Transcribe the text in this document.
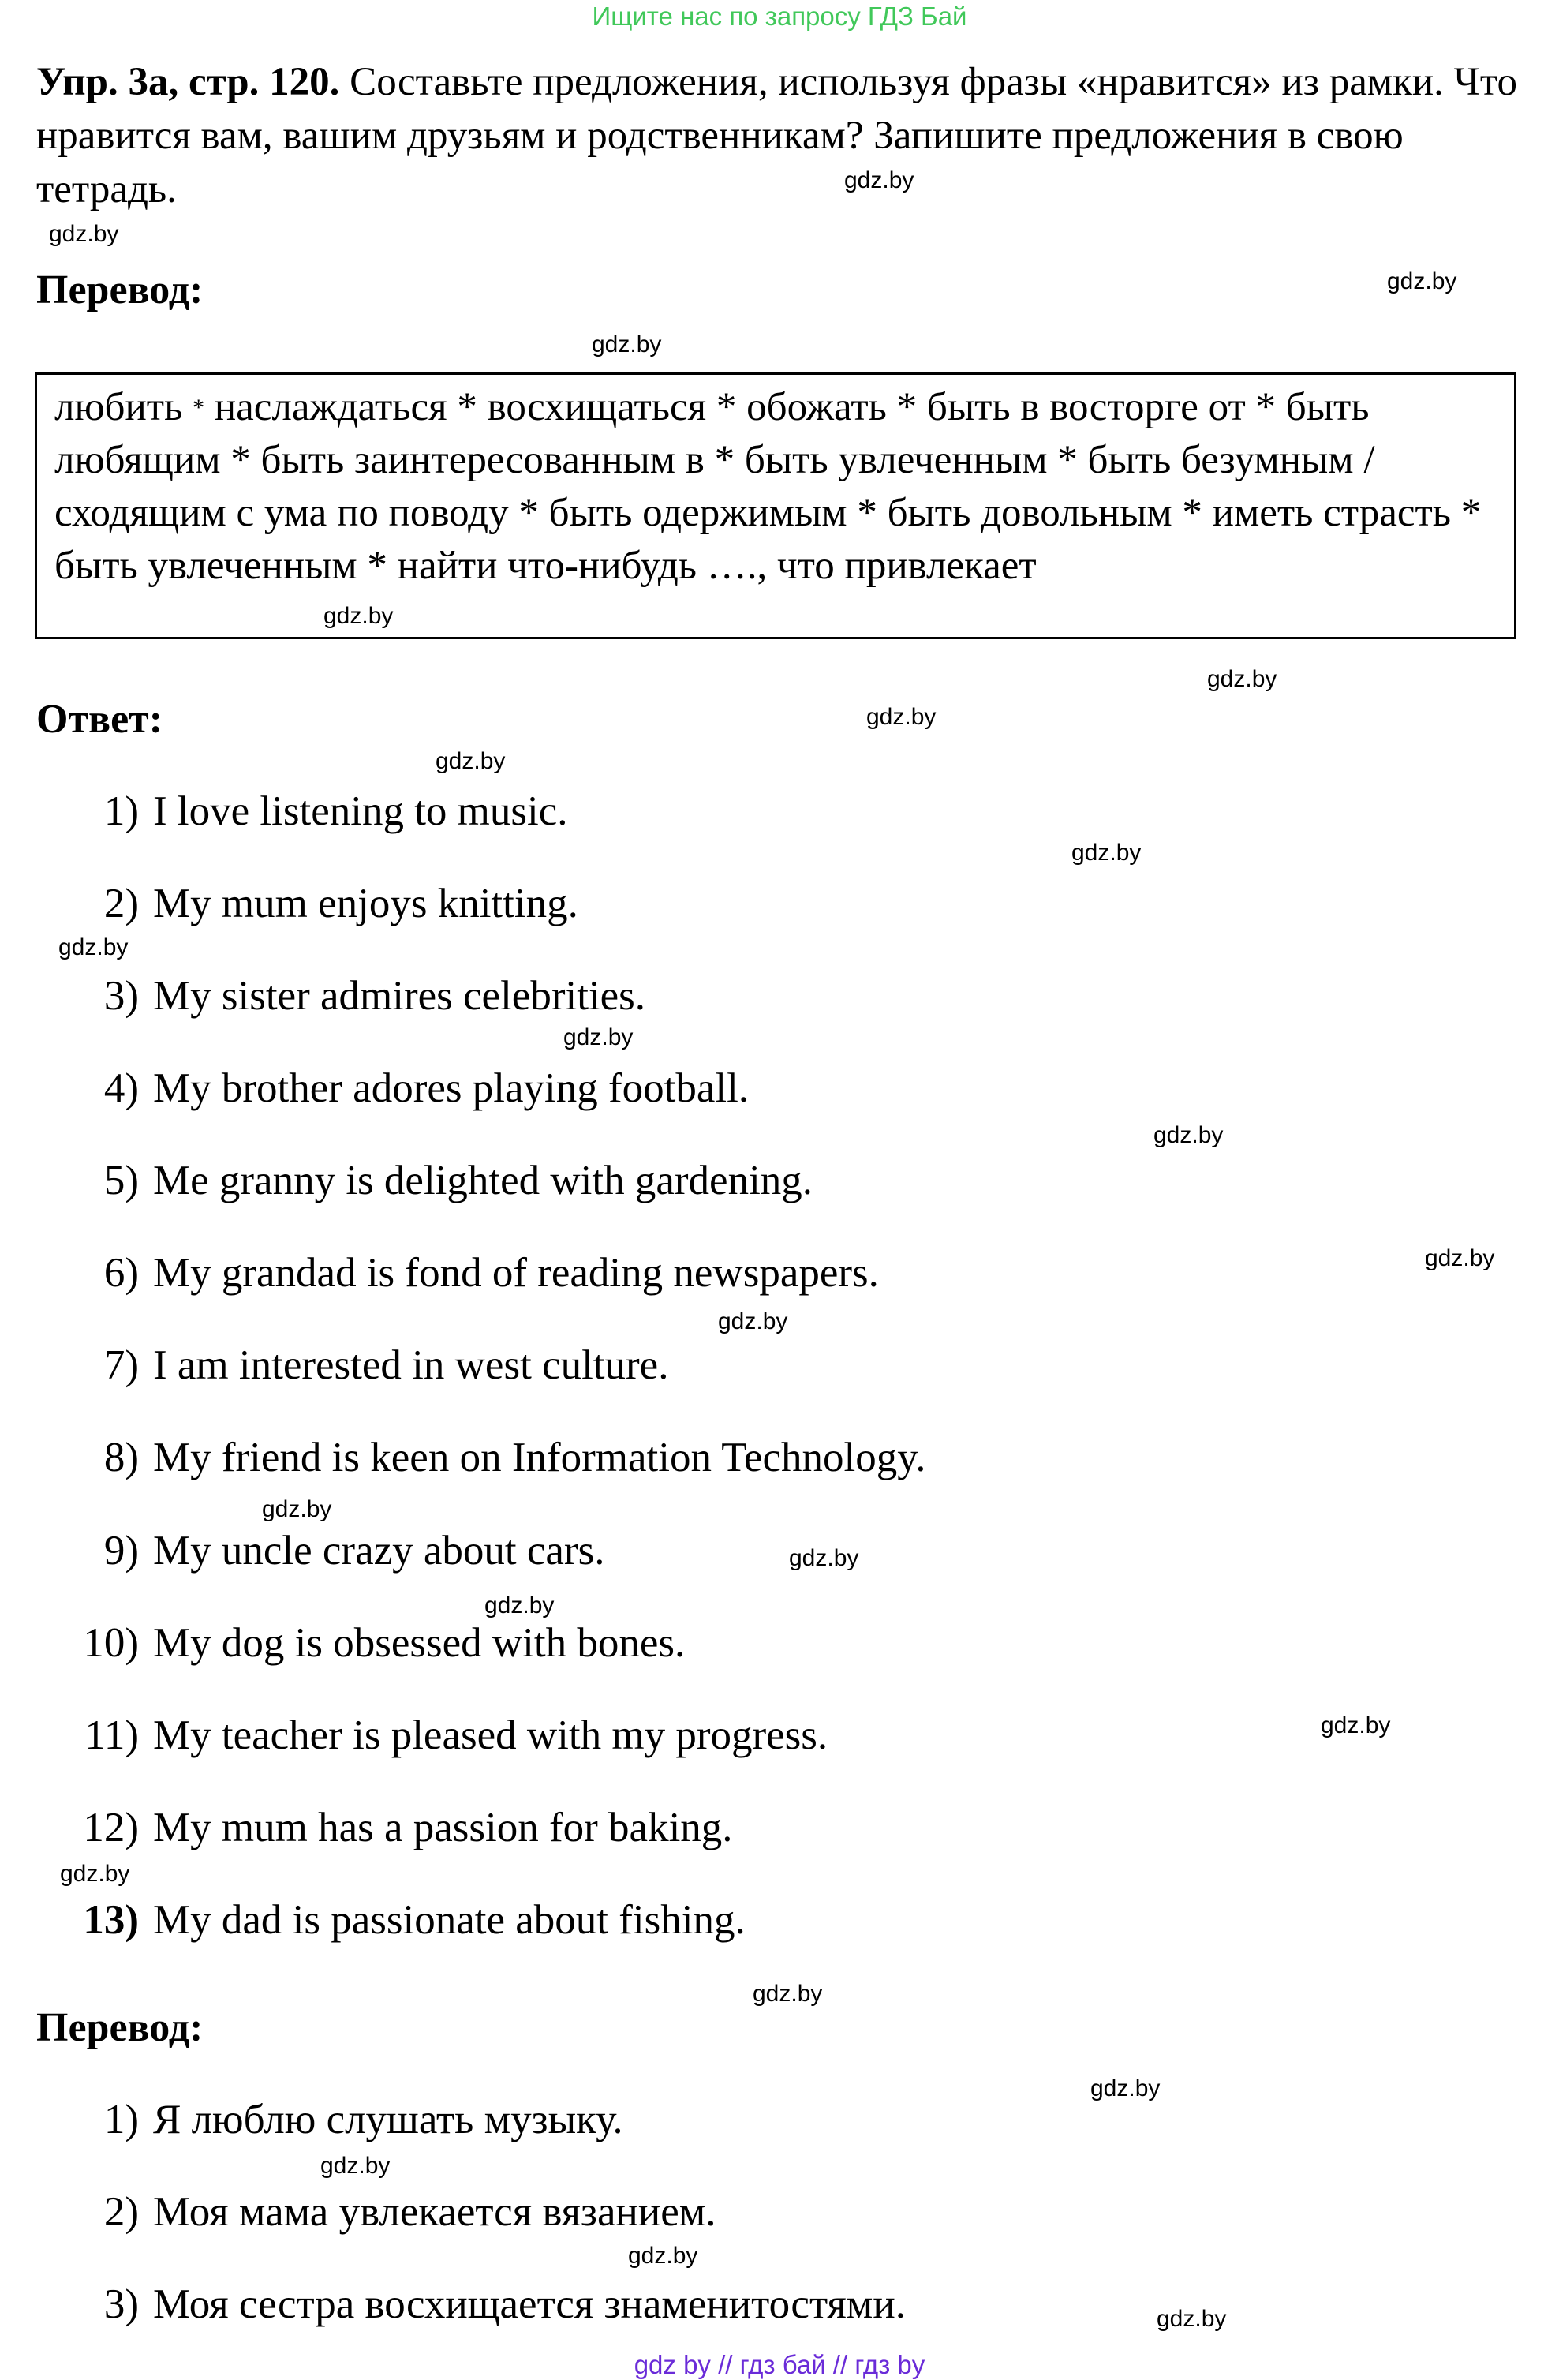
Ищите нас по запросу ГДЗ Бай
Упр. 3а, стр. 120. Составьте предложения, используя фразы «нравится» из рамки. Что нравится вам, вашим друзьям и родственникам? Запишите предложения в свою тетрадь.
Перевод:
любить * наслаждаться * восхищаться * обожать * быть в восторге от * быть любящим * быть заинтересованным в * быть увлеченным * быть безумным / сходящим с ума по поводу * быть одержимым * быть довольным * иметь страсть * быть увлеченным * найти что-нибудь …., что привлекает
Ответ:
1) I love listening to music.
2) My mum enjoys knitting.
3) My sister admires celebrities.
4) My brother adores playing football.
5) Me granny is delighted with gardening.
6) My grandad is fond of reading newspapers.
7) I am interested in west culture.
8) My friend is keen on Information Technology.
9) My uncle crazy about cars.
10) My dog is obsessed with bones.
11) My teacher is pleased with my progress.
12) My mum has a passion for baking.
13) My dad is passionate about fishing.
Перевод:
1) Я люблю слушать музыку.
2) Моя мама увлекается вязанием.
3) Моя сестра восхищается знаменитостями.
gdz.by
gdz.by
gdz.by
gdz.by
gdz.by
gdz.by
gdz.by
gdz.by
gdz.by
gdz.by
gdz.by
gdz.by
gdz.by
gdz.by
gdz.by
gdz.by
gdz.by
gdz.by
gdz.by
gdz.by
gdz.by
gdz.by
gdz.by
gdz.by
gdz by // гдз бай // гдз by
